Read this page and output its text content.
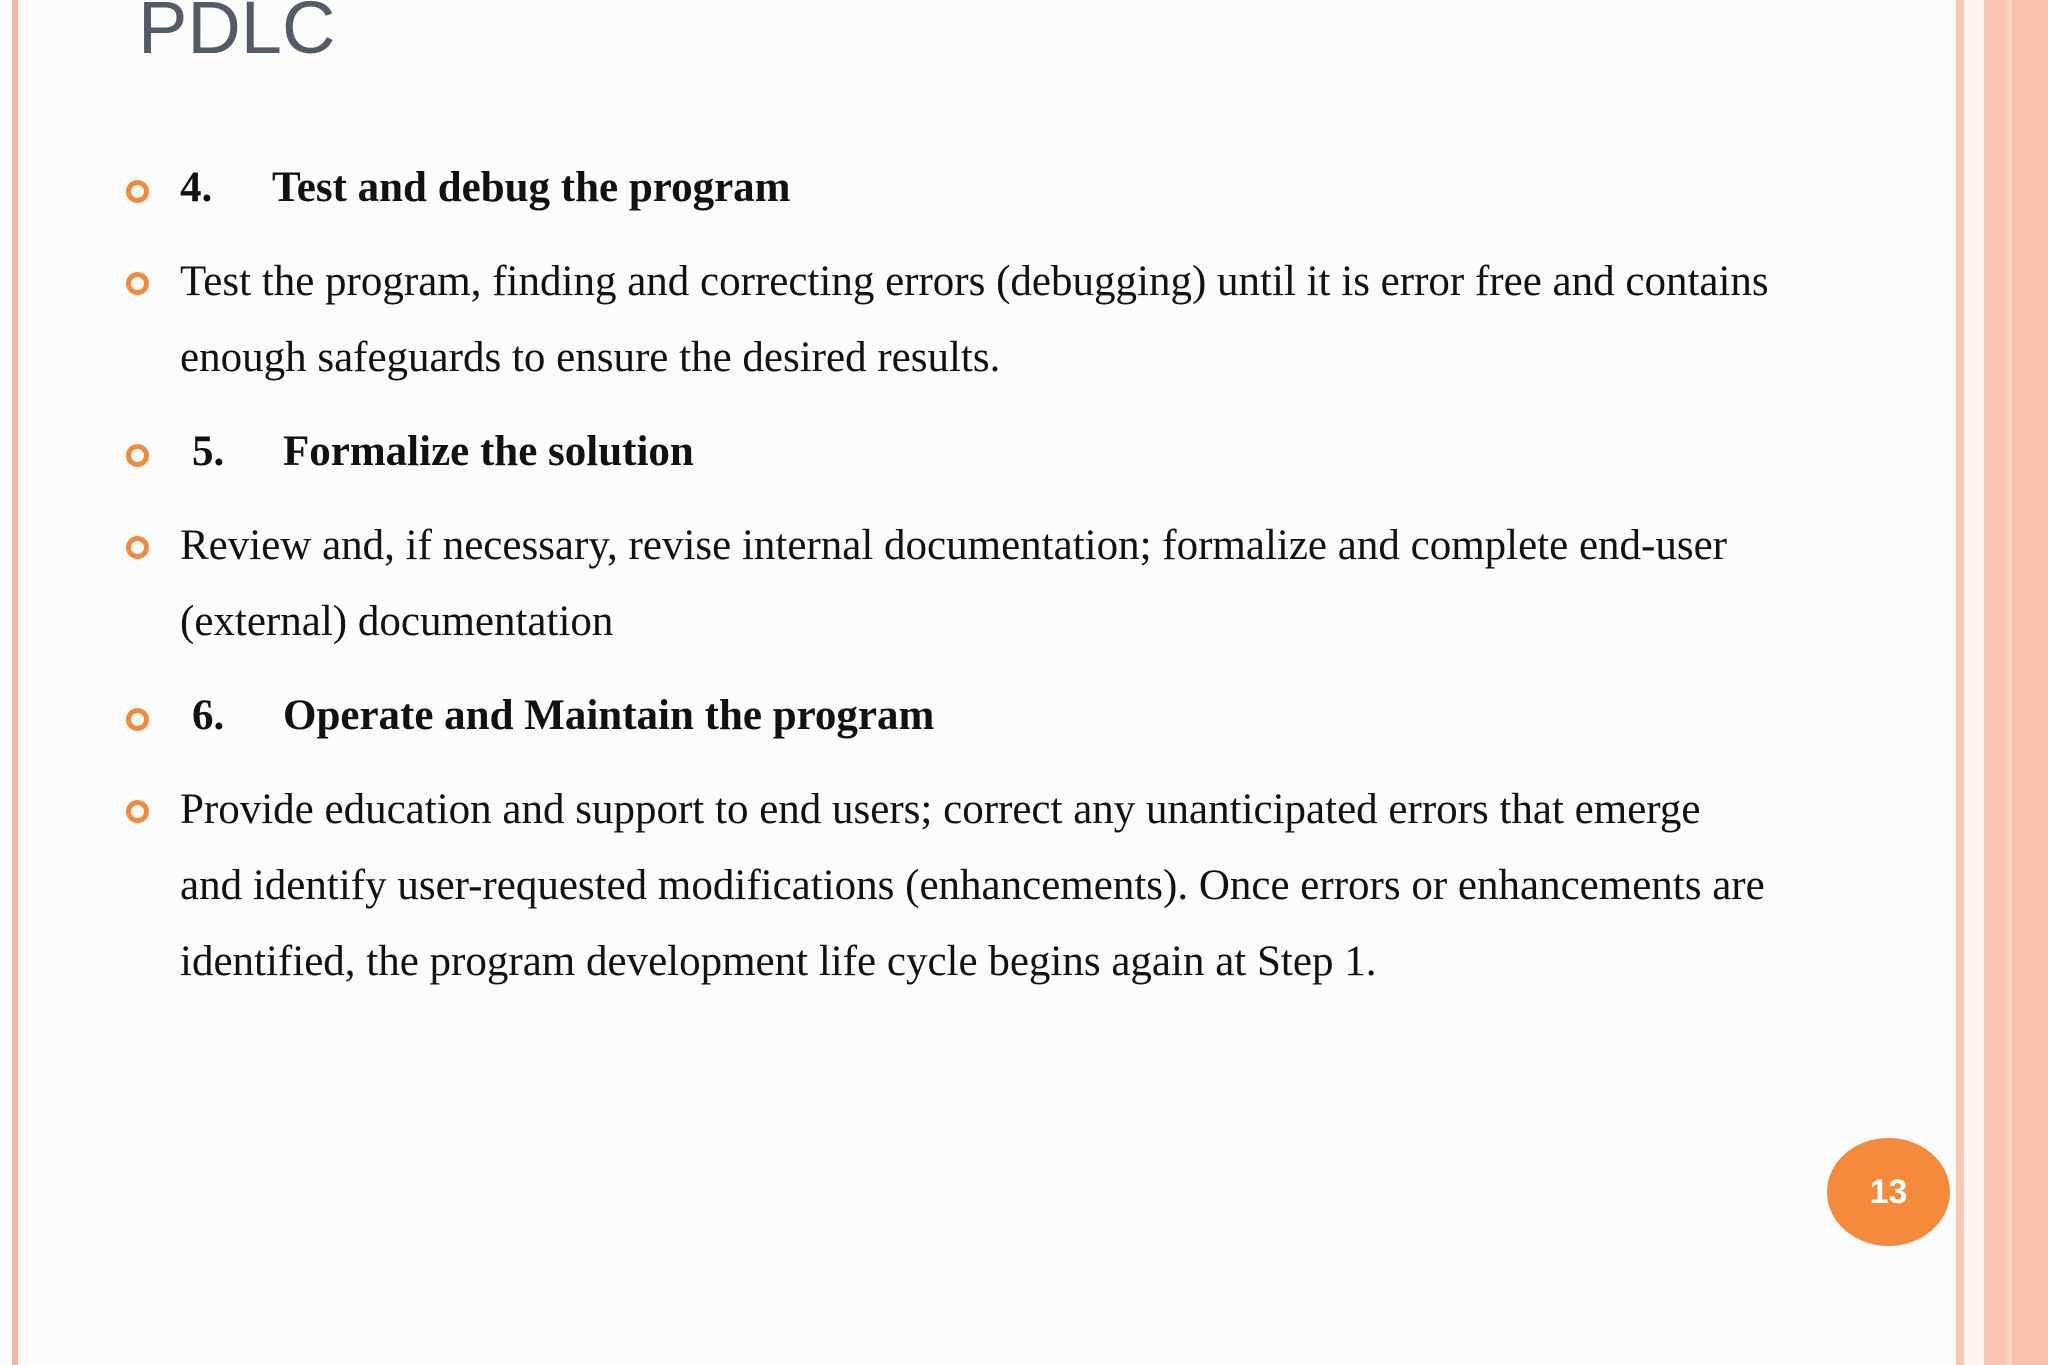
PDLC

4. Test and debug the program

Test the program, finding and correcting errors (debugging) until it is error free and contains enough safeguards to ensure the desired results.

5. Formalize the solution

Review and, if necessary, revise internal documentation; formalize and complete end-user (external) documentation

6. Operate and Maintain the program

Provide education and support to end users; correct any unanticipated errors that emerge and identify user-requested modifications (enhancements). Once errors or enhancements are identified, the program development life cycle begins again at Step 1.

13
